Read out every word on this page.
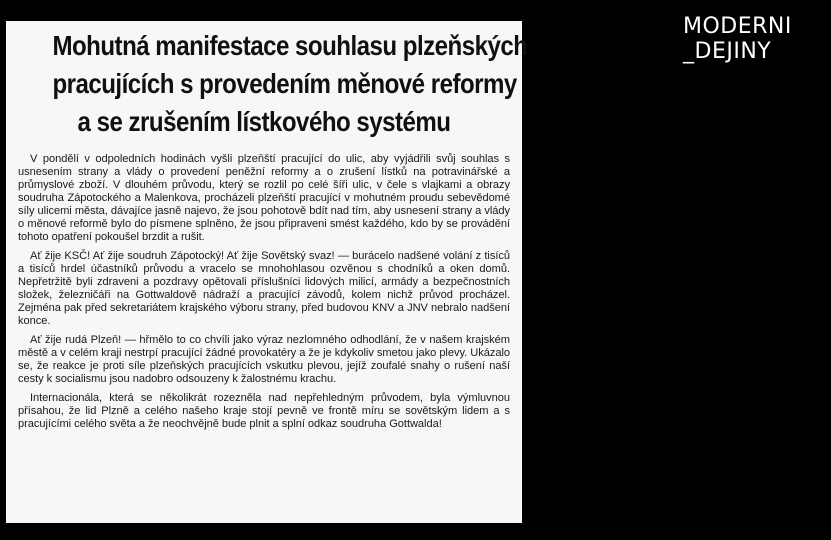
Mohutná manifestace souhlasu plzeňských
pracujících s provedením měnové reformy
a se zrušením lístkového systému

V pondělí v odpoledních hodinách vyšli plzeňští pracující do ulic, aby vyjádřili svůj souhlas s usnesením strany a vlády o provedení peněžní reformy a o zrušení lístků na potravinářské a průmyslové zboží. V dlouhém průvodu, který se rozlil po celé šíři ulic, v čele s vlajkami a obrazy soudruha Zápotockého a Malenkova, procházeli plzeňští pracující v mohutném proudu sebevědomé síly ulicemi města, dávajíce jasně najevo, že jsou pohotově bdít nad tím, aby usnesení strany a vlády o měnové reformě bylo do písmene splněno, že jsou připraveni smést každého, kdo by se provádění tohoto opatření pokoušel brzdit a rušit.

Ať žije KSČ! Ať žije soudruh Zápotocký! Ať žije Sovětský svaz! — burácelo nadšené volání z tisíců a tisíců hrdel účastníků průvodu a vracelo se mnohohlasou ozvěnou s chodníků a oken domů. Nepřetržitě byli zdraveni a pozdravy opětovali příslušníci lidových milicí, armády a bezpečnostních složek, železničáři na Gottwaldově nádraží a pracující závodů, kolem nichž průvod procházel. Zejména pak před sekretariátem krajského výboru strany, před budovou KNV a JNV nebralo nadšení konce.

Ať žije rudá Plzeň! — hřmělo to co chvíli jako výraz nezlomného odhodlání, že v našem krajském městě a v celém kraji nestrpí pracující žádné provokatéry a že je kdykoliv smetou jako plevy. Ukázalo se, že reakce je proti síle plzeňských pracujících vskutku plevou, jejíž zoufalé snahy o rušení naší cesty k socialismu jsou nadobro odsouzeny k žalostnému krachu.

Internacionála, která se několikrát rozezněla nad nepřehledným průvodem, byla výmluvnou přísahou, že lid Plzně a celého našeho kraje stojí pevně ve frontě míru se sovětským lidem a s pracujícími celého světa a že neochvějně bude plnit a splní odkaz soudruha Gottwalda!

MODERNI
_DEJINY
